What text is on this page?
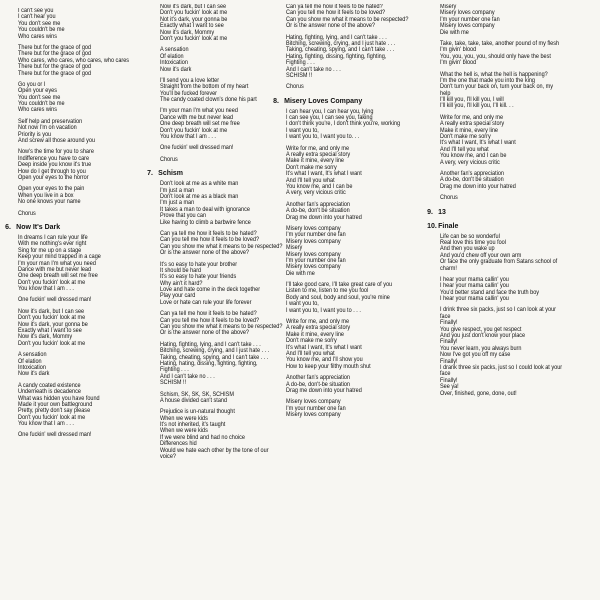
I can't see you
I can't hear you
You don't see me
You couldn't be me
Who cares wins
There but for the grace of god
There but for the grace of god
Who cares, who cares, who cares, who cares
There but for the grace of god
There but for the grace of god
Go you or I
Open your eyes
You don't see me
You couldn't be me
Who cares wins
Self help and preservation
Not now I'm on vacation
Priority is you
And screw all those around you
Now's the time for you to share
Indifference you have to care
Deep inside you know it's true
How do I get through to you
Open your eyes to the horror
Open your eyes to the pain
When you live in a box
No one knows your name
Chorus
6. Now It's Dark
In dreams I can rule your life
With me nothing's ever right
Sing for me up on a stage
Keep your mind trapped in a cage
I'm your man I'm what you need
Dance with me but never lead
One deep breath will set me free
Don't you fuckin' look at me
You know that I am . . .
One fuckin' well dressed man!
Now it's dark, but I can see
Don't you fuckin' look at me
Now it's dark, your gonna be
Exactly what I want to see
Now it's dark, Mommy
Don't you fuckin' look at me
A sensation
Of elation
Intoxication
Now it's dark
A candy coated existence
Underneath is decadence
What was hidden you have found
Made it your own battleground
Pretty, pretty don't say please
Don't you fuckin' look at me
You know that I am . . .
One fuckin' well dressed man!
Now it's dark, but I can see
Don't you fuckin' look at me
Not it's dark, your gonna be
Exactly what I want to see
Now it's dark, Mommy
Don't you fuckin' look at me
A sensation
Of elation
Intoxication
Now it's dark
I'll send you a love letter
Straight from the bottom of my heart
You'll be fucked forever
The candy coated clown's done his part
I'm your man I'm what you need
Dance with me but never lead
One deep breath will set me free
Don't you fuckin' look at me
You know that I am . . .
One fuckin' well dressed man!
Chorus
7. Schism
Don't look at me as a white man
I'm just a man
Don't look at me as a black man
I'm just a man
It takes a man to deal with ignorance
Prove that you can
Like having to climb a barbwire fence
Can ya tell me how it feels to be hated?
Can you tell me how it feels to be loved?
Can you show me what it means to be respected?
Or is the answer none of the above?
It's so easy to hate your brother
It should be hard
It's so easy to hate your friends
Why ain't it hard?
Love and hate come in the deck together
Play your card
Love or hate can rule your life forever
Can ya tell me how it feels to be hated?
Can you tell me how it feels to be loved?
Can you show me what it means to be respected?
Or is the answer none of the above?
Hating, fighting, lying, and I can't take . . .
Bitching, screwing, crying, and I just hate . . .
Taking, cheating, spying, and I can't take . . .
Hating, hating, dissing, fighting, fighting,
Fighting . . .
And I can't take no . . .
SCHISM !!
Schism, SK, SK, SK, SCHISM
A house divided can't stand
Prejudice is un-natural thought
When we were kids
It's not inherited, it's taught
When we were kids
If we were blind and had no choice
Differences hid
Would we hate each other by the tone of our
voice?
Can ya tell me how it feels to be hated?
Can you tell me how it feels to be loved?
Can you show me what it means to be respected?
Or is the answer none of the above?
Hating, fighting, lying, and I can't take . . .
Bitching, screwing, crying, and I just hate . . .
Taking, cheating, spying, and I can't take . . .
Hating, fighting, dissing, fighting, fighting,
Fighting . . .
And I can't take no . . .
SCHISM !!
Chorus
8. Misery Loves Company
I can hear you, I can hear you, lying
I can see you, I can see you, faking
I don't think you're, I don't think you're, working
I want you to,
I want you to, I want you to. . .
Write for me, and only me
A really extra special story
Make it mine, every line
Don't make me sorry
It's what I want, It's what I want
And I'll tell you what
You know me, and I can be
A very, very vicious critic
Another fan's appreciation
A do-be, don't be situation
Drag me down into your hatred
Misery loves company
I'm your number one fan
Misery loves company
Misery
Misery loves company
I'm your number one fan
Misery loves company
Die with me
I'll take good care, I'll take great care of you
Listen to me, listen to me you fool
Body and soul, body and soul, you're mine
I want you to,
I want you to, I want you to . . .
Write for me, and only me
A really extra special story
Make it mine, every line
Don't make me sorry
It's what I want, It's what I want
And I'll tell you what
You know me, and I'll show you
How to keep your filthy mouth shut
Another fan's appreciation
A do-be, don't-be situation
Drag me down into your hatred
Misery loves company
I'm your number one fan
Misery loves company
Misery
Misery loves company
I'm your number one fan
Misery loves company
Die with me
Take, take, take, take, another pound of my flesh
I'm givin' blood
You, you, you, you, should only have the best
I'm givin' blood
What the hell is, what the hell is happening?
I'm the one that made you into the king
Don't turn your back on, turn your back on, my
help
I'll kill you, I'll kill you, I will
I'll kill you, I'll kill you, I'll kill. . .
Write for me, and only me
A really extra special story
Make it mine, every line
Don't make me sorry
It's what I want, It's what I want
And I'll tell you what
You know me, and I can be
A very, very vicious critic
Another fan's appreciation
A do-be, don't be situation
Drag me down into your hatred
Chorus
9. 13
10.Finale
Life can be so wonderful
Real love this time you fool
And then you wake up
And you'd chew off your own arm
Or face the only graduate from Satans school of
charm!
I hear your mama callin' you
I hear your mama callin' you
You'd better stand and face the truth boy
I hear your mama callin' you
I drink three six packs, just so I can look at your
face
Finally!
You give respect, you get respect
And you just don't know your place
Finally!
You never learn, you always burn
Now I've got you off my case
Finally!
I drank three six packs, just so I could look at your
face
Finally!
See ya!
Over, finished, gone, done, out!
